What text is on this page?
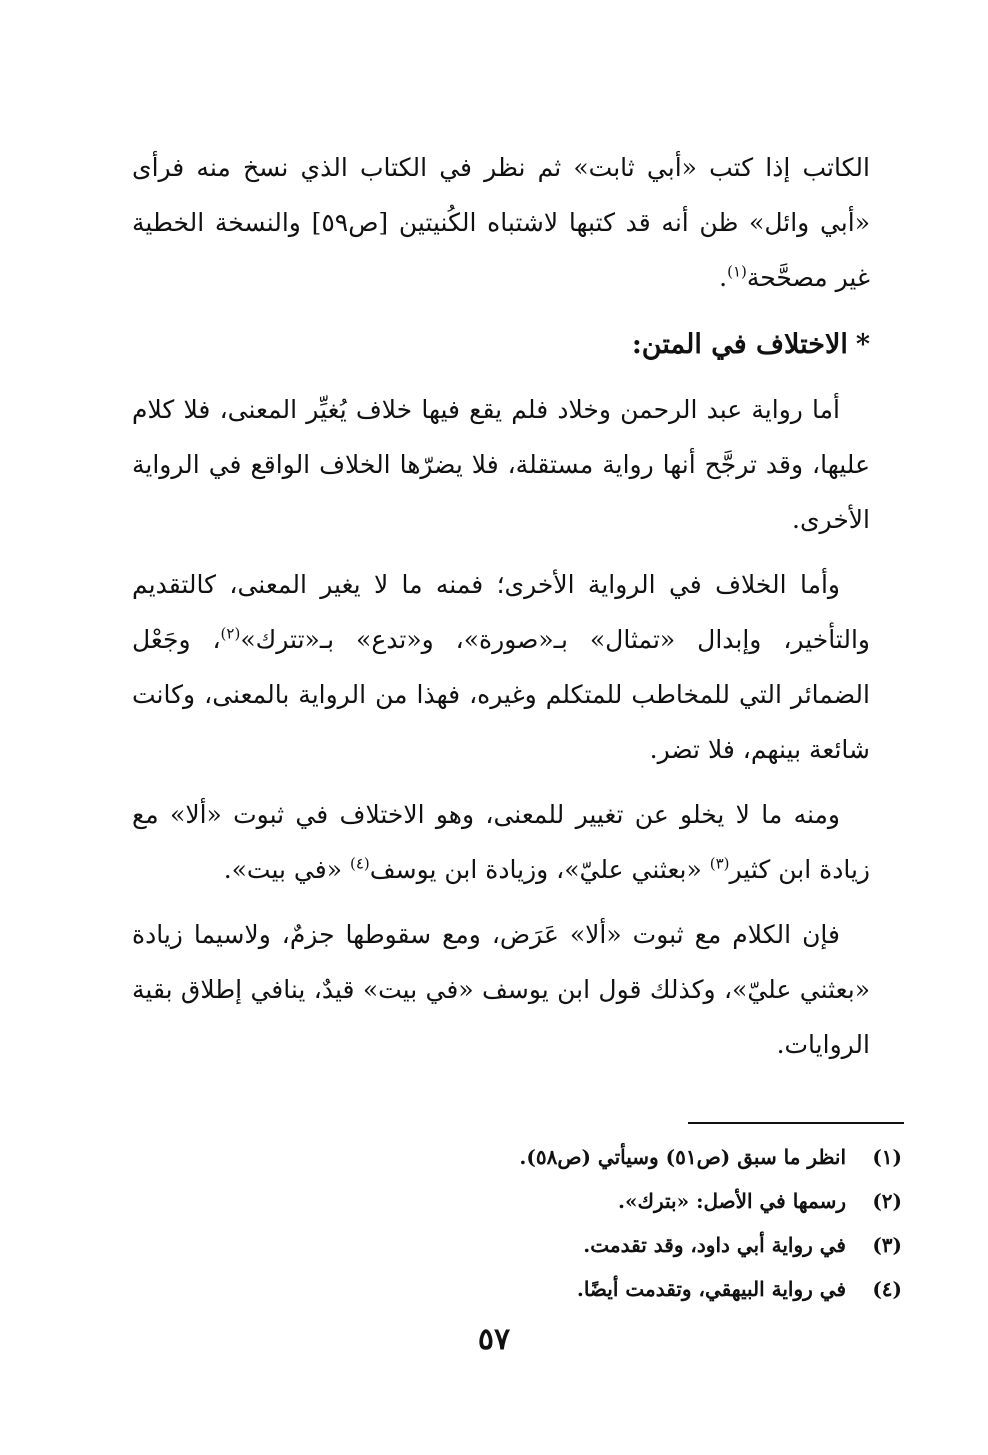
الكاتب إذا كتب «أبي ثابت» ثم نظر في الكتاب الذي نسخ منه فرأى «أبي وائل» ظن أنه قد كتبها لاشتباه الكُنيتين [ص٥٩] والنسخة الخطية غير مصحَّحة$^{(١)}$.

*الاختلاف في المتن:

أما رواية عبد الرحمن وخلاد فلم يقع فيها خلاف يُغيِّر المعنى، فلا كلام عليها، وقد ترجَّح أنها رواية مستقلة، فلا يضرّها الخلاف الواقع في الرواية الأخرى.

وأما الخلاف في الرواية الأخرى؛ فمنه ما لا يغير المعنى، كالتقديم والتأخير، وإبدال «تمثال» بـ«صورة»، و«تدع» بـ«تترك»$^{(٢)}$، وجَعْل الضمائر التي للمخاطب للمتكلم وغيره، فهذا من الرواية بالمعنى، وكانت شائعة بينهم، فلا تضر.

ومنه ما لا يخلو عن تغيير للمعنى، وهو الاختلاف في ثبوت «ألا» مع زيادة ابن كثير$^{(٣)}$ «بعثني عليّ»، وزيادة ابن يوسف$^{(٤)}$ «في بيت».

فإن الكلام مع ثبوت «ألا» عَرَض، ومع سقوطها جزمٌ، ولاسيما زيادة «بعثني عليّ»، وكذلك قول ابن يوسف «في بيت» قيدٌ، ينافي إطلاق بقية الروايات.

(١)
انظر ما سبق (ص٥١) وسيأتي (ص٥٨).
(٢)
رسمها في الأصل: «بترك».
(٣)
في رواية أبي داود، وقد تقدمت.
(٤)
في رواية البيهقي، وتقدمت أيضًا.
٥٧
